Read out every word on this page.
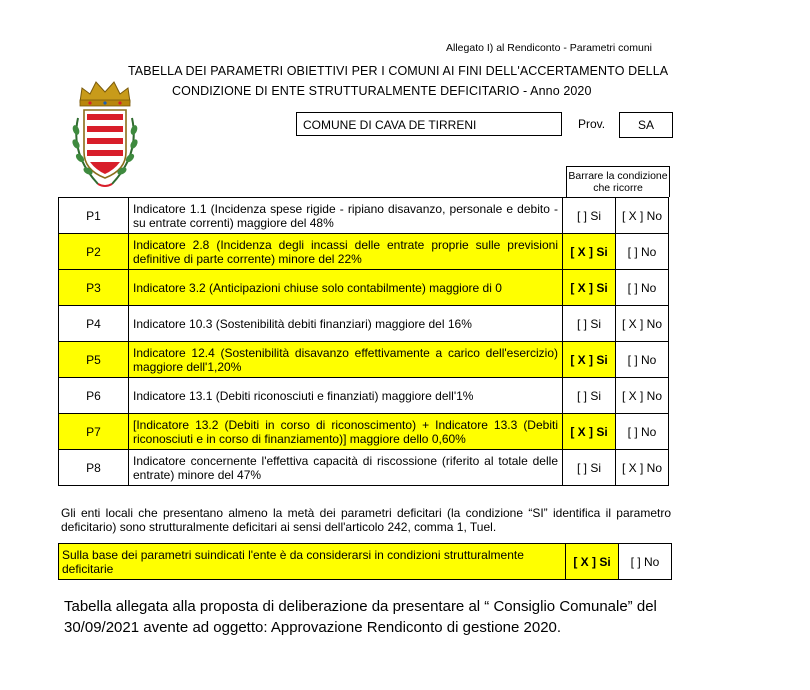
Allegato I) al Rendiconto - Parametri comuni
TABELLA DEI PARAMETRI OBIETTIVI PER I COMUNI AI FINI DELL'ACCERTAMENTO DELLA
CONDIZIONE DI ENTE STRUTTURALMENTE DEFICITARIO - Anno 2020
COMUNE DI CAVA DE TIRRENI	Prov.	SA
Barrare la condizione che ricorre
P1	Indicatore 1.1 (Incidenza spese rigide - ripiano disavanzo, personale e debito - su entrate correnti) maggiore del 48%	[ ] Si	[ X ] No
P2	Indicatore 2.8 (Incidenza degli incassi delle entrate proprie sulle previsioni definitive di parte corrente) minore del 22%	[ X ] Si	[ ] No
P3	Indicatore 3.2 (Anticipazioni chiuse solo contabilmente) maggiore di 0	[ X ] Si	[ ] No
P4	Indicatore 10.3 (Sostenibilità debiti finanziari) maggiore del 16%	[ ] Si	[ X ] No
P5	Indicatore 12.4 (Sostenibilità disavanzo effettivamente a carico dell'esercizio) maggiore dell'1,20%	[ X ] Si	[ ] No
P6	Indicatore 13.1 (Debiti riconosciuti e finanziati) maggiore dell'1%	[ ] Si	[ X ] No
P7	[Indicatore 13.2 (Debiti in corso di riconoscimento) + Indicatore 13.3 (Debiti riconosciuti e in corso di finanziamento)] maggiore dello 0,60%	[ X ] Si	[ ] No
P8	Indicatore concernente l'effettiva capacità di riscossione (riferito al totale delle entrate) minore del 47%	[ ] Si	[ X ] No
Gli enti locali che presentano almeno la metà dei parametri deficitari (la condizione “SI” identifica il parametro deficitario) sono strutturalmente deficitari ai sensi dell'articolo 242, comma 1, Tuel.
Sulla base dei parametri suindicati l'ente è da considerarsi in condizioni strutturalmente deficitarie	[ X ] Si	[ ] No
Tabella allegata alla proposta di deliberazione da presentare al “ Consiglio Comunale” del 30/09/2021 avente ad oggetto: Approvazione Rendiconto di gestione 2020.
